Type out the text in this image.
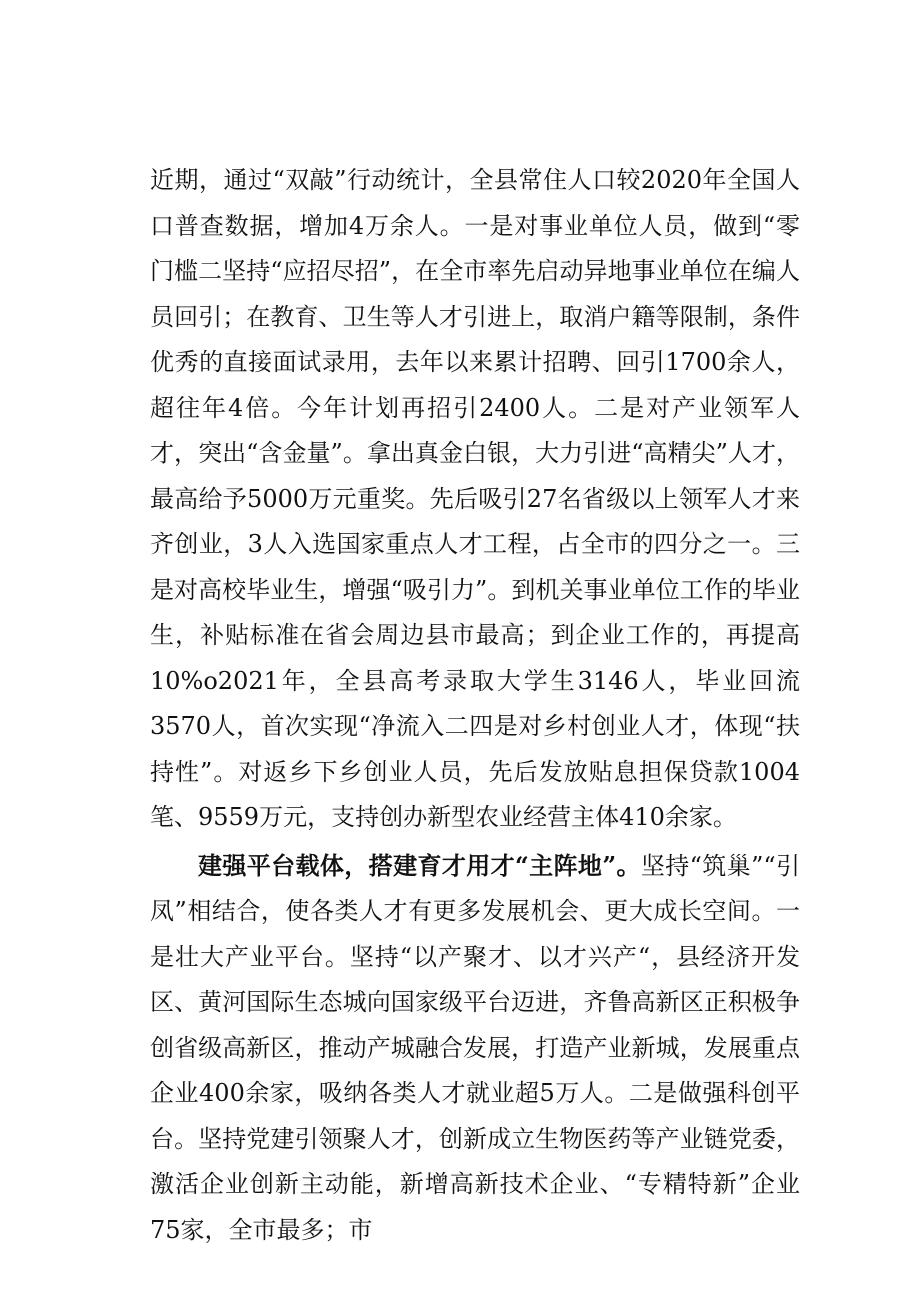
近期，通过“双敲”行动统计，全县常住人口较2020年全国人口普查数据，增加4万余人。一是对事业单位人员，做到“零门槛二坚持“应招尽招”，在全市率先启动异地事业单位在编人员回引；在教育、卫生等人才引进上，取消户籍等限制，条件优秀的直接面试录用，去年以来累计招聘、回引1700余人，超往年4倍。今年计划再招引2400人。二是对产业领军人才，突出“含金量”。拿出真金白银，大力引进“高精尖”人才，最高给予5000万元重奖。先后吸引27名省级以上领军人才来齐创业，3人入选国家重点人才工程，占全市的四分之一。三是对高校毕业生，增强“吸引力”。到机关事业单位工作的毕业生，补贴标准在省会周边县市最高；到企业工作的，再提高10%o2021年，全县高考录取大学生3146人，毕业回流3570人，首次实现“净流入二四是对乡村创业人才，体现“扶持性”。对返乡下乡创业人员，先后发放贴息担保贷款1004笔、9559万元，支持创办新型农业经营主体410余家。

建强平台载体，搭建育才用才“主阵地”。坚持“筑巢”“引凤”相结合，使各类人才有更多发展机会、更大成长空间。一是壮大产业平台。坚持“以产聚才、以才兴产“，县经济开发区、黄河国际生态城向国家级平台迈进，齐鲁高新区正积极争创省级高新区，推动产城融合发展，打造产业新城，发展重点企业400余家，吸纳各类人才就业超5万人。二是做强科创平台。坚持党建引领聚人才，创新成立生物医药等产业链党委，激活企业创新主动能，新增高新技术企业、“专精特新”企业75家，全市最多；市
